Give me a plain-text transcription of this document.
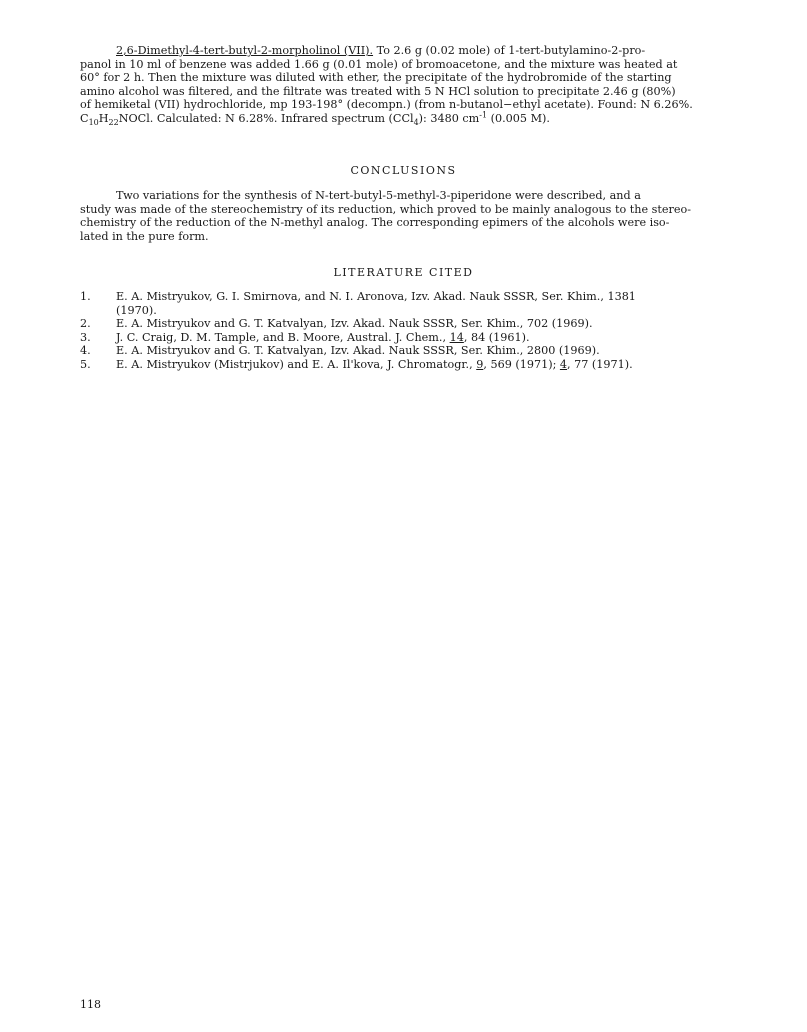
2,6-Dimethyl-4-tert-butyl-2-morpholinol (VII). To 2.6 g (0.02 mole) of 1-tert-butylamino-2-pro-
panol in 10 ml of benzene was added 1.66 g (0.01 mole) of bromoacetone, and the mixture was heated at
60° for 2 h. Then the mixture was diluted with ether, the precipitate of the hydrobromide of the starting
amino alcohol was filtered, and the filtrate was treated with 5 N HCl solution to precipitate 2.46 g (80%)
of hemiketal (VII) hydrochloride, mp 193-198° (decompn.) (from n-butanol−ethyl acetate). Found: N 6.26%.
$C_{10}H_{22}NOCl$. Calculated: N 6.28%. Infrared spectrum (CCl$_4$): 3480 $cm^{-1}$ (0.005 M).

CONCLUSIONS

Two variations for the synthesis of N-tert-butyl-5-methyl-3-piperidone were described, and a
study was made of the stereochemistry of its reduction, which proved to be mainly analogous to the stereo-
chemistry of the reduction of the N-methyl analog. The corresponding epimers of the alcohols were iso-
lated in the pure form.

LITERATURE CITED
1. E. A. Mistryukov, G. I. Smirnova, and N. I. Aronova, Izv. Akad. Nauk SSSR, Ser. Khim., 1381
(1970).
2. E. A. Mistryukov and G. T. Katvalyan, Izv. Akad. Nauk SSSR, Ser. Khim., 702 (1969).
3. J. C. Craig, D. M. Tample, and B. Moore, Austral. J. Chem., 14, 84 (1961).
4. E. A. Mistryukov and G. T. Katvalyan, Izv. Akad. Nauk SSSR, Ser. Khim., 2800 (1969).
5. E. A. Mistryukov (Mistrjukov) and E. A. Il'kova, J. Chromatogr., 9, 569 (1971); 4, 77 (1971).
118
